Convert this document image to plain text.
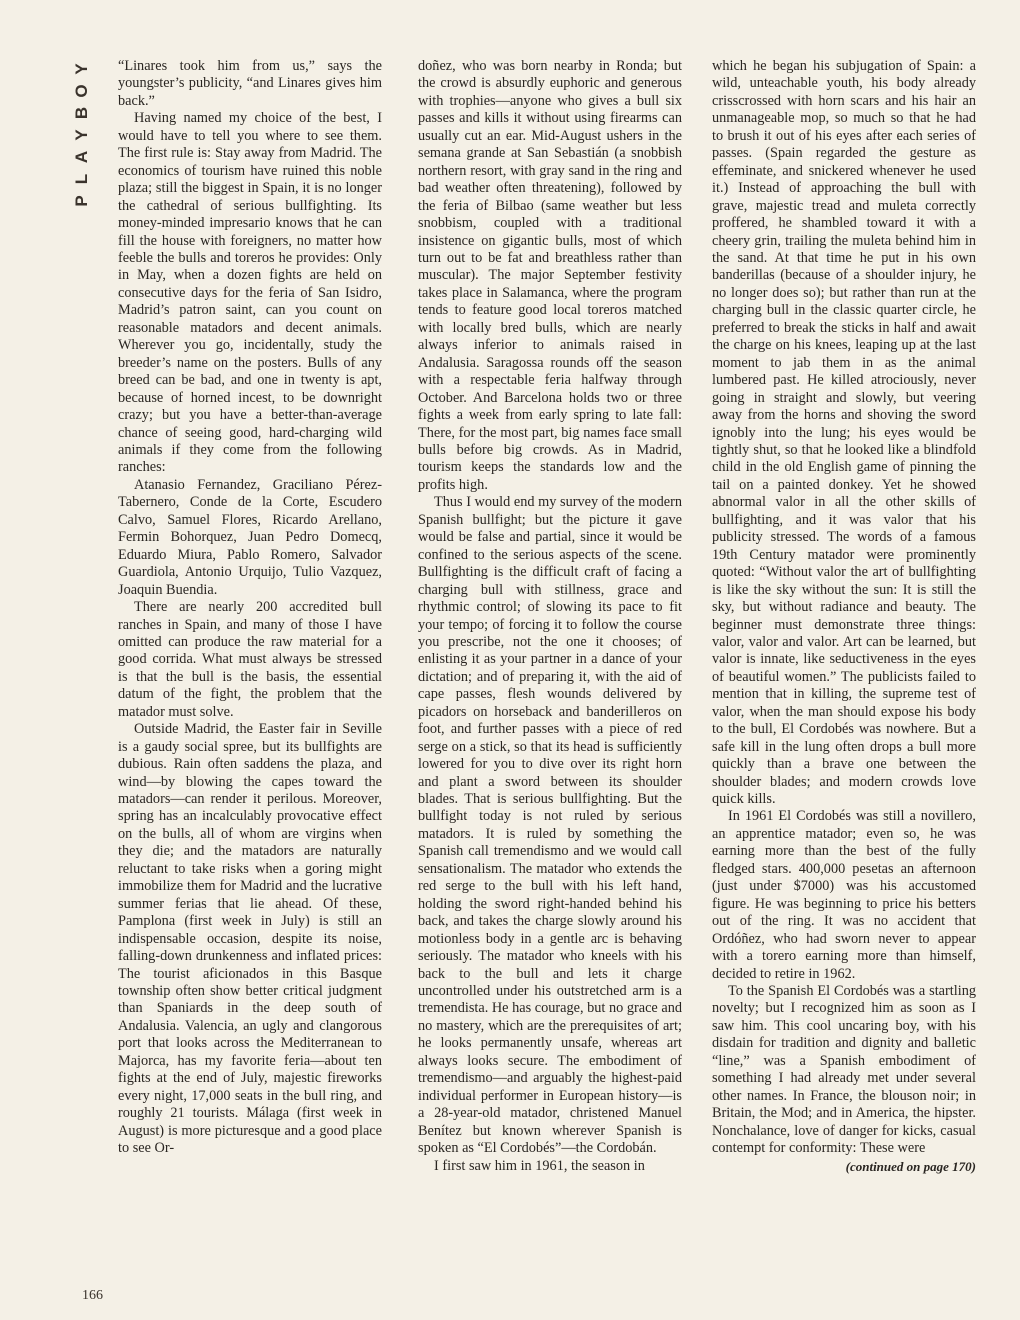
Y
O
B
Y
A
L
P

“Linares took him from us,” says the youngster’s publicity, “and Linares gives him back.”

Having named my choice of the best, I would have to tell you where to see them. The first rule is: Stay away from Madrid. The economics of tourism have ruined this noble plaza; still the biggest in Spain, it is no longer the cathedral of serious bullfighting. Its money-minded impresario knows that he can fill the house with foreigners, no matter how feeble the bulls and toreros he provides: Only in May, when a dozen fights are held on consecutive days for the feria of San Isidro, Madrid’s patron saint, can you count on reasonable matadors and decent animals. Wherever you go, incidentally, study the breeder’s name on the posters. Bulls of any breed can be bad, and one in twenty is apt, because of horned incest, to be downright crazy; but you have a better-than-average chance of seeing good, hard-charging wild animals if they come from the following ranches:

Atanasio Fernandez, Graciliano Pérez-Tabernero, Conde de la Corte, Escudero Calvo, Samuel Flores, Ricardo Arellano, Fermin Bohorquez, Juan Pedro Domecq, Eduardo Miura, Pablo Romero, Salvador Guardiola, Antonio Urquijo, Tulio Vazquez, Joaquin Buendia.

There are nearly 200 accredited bull ranches in Spain, and many of those I have omitted can produce the raw material for a good corrida. What must always be stressed is that the bull is the basis, the essential datum of the fight, the problem that the matador must solve.

Outside Madrid, the Easter fair in Seville is a gaudy social spree, but its bullfights are dubious. Rain often saddens the plaza, and wind—by blowing the capes toward the matadors—can render it perilous. Moreover, spring has an incalculably provocative effect on the bulls, all of whom are virgins when they die; and the matadors are naturally reluctant to take risks when a goring might immobilize them for Madrid and the lucrative summer ferias that lie ahead. Of these, Pamplona (first week in July) is still an indispensable occasion, despite its noise, falling-down drunkenness and inflated prices: The tourist aficionados in this Basque township often show better critical judgment than Spaniards in the deep south of Andalusia. Valencia, an ugly and clangorous port that looks across the Mediterranean to Majorca, has my favorite feria—about ten fights at the end of July, majestic fireworks every night, 17,000 seats in the bull ring, and roughly 21 tourists. Málaga (first week in August) is more picturesque and a good place to see Or-

doñez, who was born nearby in Ronda; but the crowd is absurdly euphoric and generous with trophies—anyone who gives a bull six passes and kills it without using firearms can usually cut an ear. Mid-August ushers in the semana grande at San Sebastián (a snobbish northern resort, with gray sand in the ring and bad weather often threatening), followed by the feria of Bilbao (same weather but less snobbism, coupled with a traditional insistence on gigantic bulls, most of which turn out to be fat and breathless rather than muscular). The major September festivity takes place in Salamanca, where the program tends to feature good local toreros matched with locally bred bulls, which are nearly always inferior to animals raised in Andalusia. Saragossa rounds off the season with a respectable feria halfway through October. And Barcelona holds two or three fights a week from early spring to late fall: There, for the most part, big names face small bulls before big crowds. As in Madrid, tourism keeps the standards low and the profits high.

Thus I would end my survey of the modern Spanish bullfight; but the picture it gave would be false and partial, since it would be confined to the serious aspects of the scene. Bullfighting is the difficult craft of facing a charging bull with stillness, grace and rhythmic control; of slowing its pace to fit your tempo; of forcing it to follow the course you prescribe, not the one it chooses; of enlisting it as your partner in a dance of your dictation; and of preparing it, with the aid of cape passes, flesh wounds delivered by picadors on horseback and banderilleros on foot, and further passes with a piece of red serge on a stick, so that its head is sufficiently lowered for you to dive over its right horn and plant a sword between its shoulder blades. That is serious bullfighting. But the bullfight today is not ruled by serious matadors. It is ruled by something the Spanish call tremendismo and we would call sensationalism. The matador who extends the red serge to the bull with his left hand, holding the sword right-handed behind his back, and takes the charge slowly around his motionless body in a gentle arc is behaving seriously. The matador who kneels with his back to the bull and lets it charge uncontrolled under his outstretched arm is a tremendista. He has courage, but no grace and no mastery, which are the prerequisites of art; he looks permanently unsafe, whereas art always looks secure. The embodiment of tremendismo—and arguably the highest-paid individual performer in European history—is a 28-year-old matador, christened Manuel Benítez but known wherever Spanish is spoken as “El Cordobés”—the Cordobán.

I first saw him in 1961, the season in

which he began his subjugation of Spain: a wild, unteachable youth, his body already crisscrossed with horn scars and his hair an unmanageable mop, so much so that he had to brush it out of his eyes after each series of passes. (Spain regarded the gesture as effeminate, and snickered whenever he used it.) Instead of approaching the bull with grave, majestic tread and muleta correctly proffered, he shambled toward it with a cheery grin, trailing the muleta behind him in the sand. At that time he put in his own banderillas (because of a shoulder injury, he no longer does so); but rather than run at the charging bull in the classic quarter circle, he preferred to break the sticks in half and await the charge on his knees, leaping up at the last moment to jab them in as the animal lumbered past. He killed atrociously, never going in straight and slowly, but veering away from the horns and shoving the sword ignobly into the lung; his eyes would be tightly shut, so that he looked like a blindfold child in the old English game of pinning the tail on a painted donkey. Yet he showed abnormal valor in all the other skills of bullfighting, and it was valor that his publicity stressed. The words of a famous 19th Century matador were prominently quoted: “Without valor the art of bullfighting is like the sky without the sun: It is still the sky, but without radiance and beauty. The beginner must demonstrate three things: valor, valor and valor. Art can be learned, but valor is innate, like seductiveness in the eyes of beautiful women.” The publicists failed to mention that in killing, the supreme test of valor, when the man should expose his body to the bull, El Cordobés was nowhere. But a safe kill in the lung often drops a bull more quickly than a brave one between the shoulder blades; and modern crowds love quick kills.

In 1961 El Cordobés was still a novillero, an apprentice matador; even so, he was earning more than the best of the fully fledged stars. 400,000 pesetas an afternoon (just under $7000) was his accustomed figure. He was beginning to price his betters out of the ring. It was no accident that Ordóñez, who had sworn never to appear with a torero earning more than himself, decided to retire in 1962.

To the Spanish El Cordobés was a startling novelty; but I recognized him as soon as I saw him. This cool uncaring boy, with his disdain for tradition and dignity and balletic “line,” was a Spanish embodiment of something I had already met under several other names. In France, the blouson noir; in Britain, the Mod; and in America, the hipster. Nonchalance, love of danger for kicks, casual contempt for conformity: These were

(continued on page 170)
166
